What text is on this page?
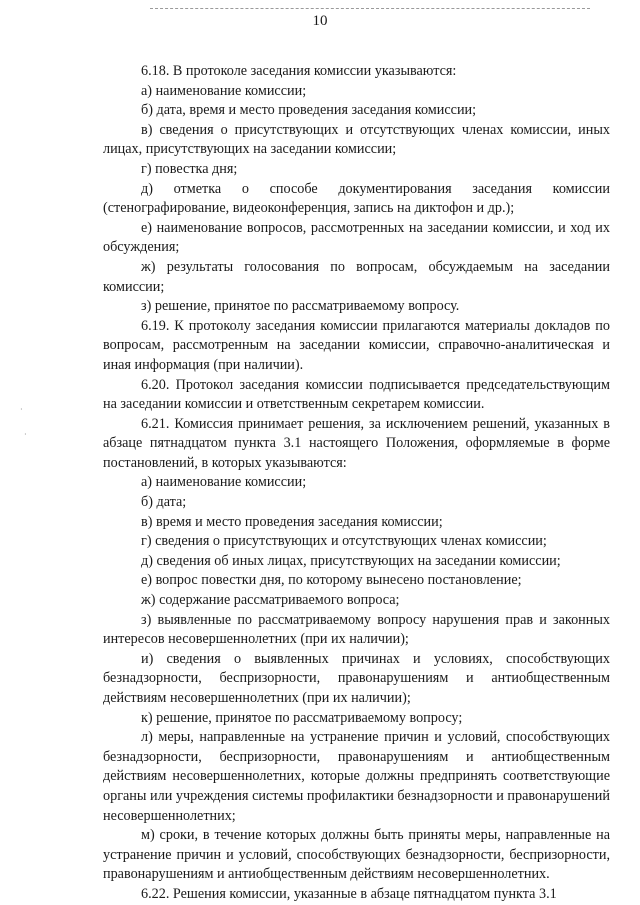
10
·
·

6.18. В протоколе заседания комиссии указываются:

а) наименование комиссии;

б) дата, время и место проведения заседания комиссии;

в) сведения о присутствующих и отсутствующих членах комиссии, иных лицах, присутствующих на заседании комиссии;

г) повестка дня;

д) отметка о способе документирования заседания комиссии (стенографирование, видеоконференция, запись на диктофон и др.);

е) наименование вопросов, рассмотренных на заседании комиссии, и ход их обсуждения;

ж) результаты голосования по вопросам, обсуждаемым на заседании комиссии;

з) решение, принятое по рассматриваемому вопросу.

6.19. К протоколу заседания комиссии прилагаются материалы докладов по вопросам, рассмотренным на заседании комиссии, справочно-аналитическая и иная информация (при наличии).

6.20. Протокол заседания комиссии подписывается председательствующим на заседании комиссии и ответственным секретарем комиссии.

6.21. Комиссия принимает решения, за исключением решений, указанных в абзаце пятнадцатом пункта 3.1 настоящего Положения, оформляемые в форме постановлений, в которых указываются:

а) наименование комиссии;

б) дата;

в) время и место проведения заседания комиссии;

г) сведения о присутствующих и отсутствующих членах комиссии;

д) сведения об иных лицах, присутствующих на заседании комиссии;

е) вопрос повестки дня, по которому вынесено постановление;

ж) содержание рассматриваемого вопроса;

з) выявленные по рассматриваемому вопросу нарушения прав и законных интересов несовершеннолетних (при их наличии);

и) сведения о выявленных причинах и условиях, способствующих безнадзорности, беспризорности, правонарушениям и антиобщественным действиям несовершеннолетних (при их наличии);

к) решение, принятое по рассматриваемому вопросу;

л) меры, направленные на устранение причин и условий, способствующих безнадзорности, беспризорности, правонарушениям и антиобщественным действиям несовершеннолетних, которые должны предпринять соответствующие органы или учреждения системы профилактики безнадзорности и правонарушений несовершеннолетних;

м) сроки, в течение которых должны быть приняты меры, направленные на устранение причин и условий, способствующих безнадзорности, беспризорности, правонарушениям и антиобщественным действиям несовершеннолетних.

6.22. Решения комиссии, указанные в абзаце пятнадцатом пункта 3.1
